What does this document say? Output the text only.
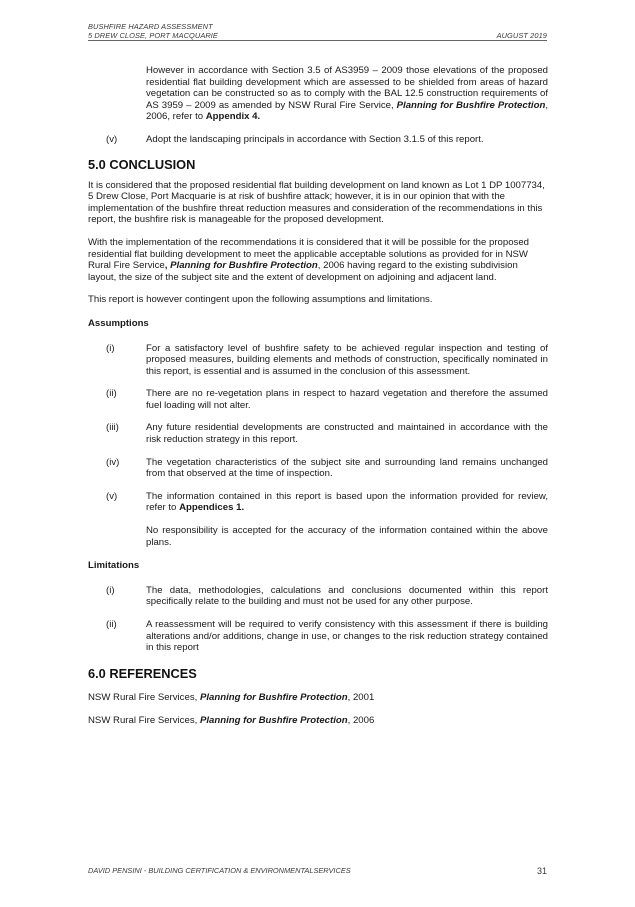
BUSHFIRE HAZARD ASSESSMENT
5 DREW CLOSE, PORT MACQUARIE	AUGUST 2019

However in accordance with Section 3.5 of AS3959 – 2009 those elevations of the proposed residential flat building development which are assessed to be shielded from areas of hazard vegetation can be constructed so as to comply with the BAL 12.5 construction requirements of AS 3959 – 2009 as amended by NSW Rural Fire Service, Planning for Bushfire Protection, 2006, refer to Appendix 4.

(v)	Adopt the landscaping principals in accordance with Section 3.1.5 of this report.
5.0 CONCLUSION

It is considered that the proposed residential flat building development on land known as Lot 1 DP 1007734, 5 Drew Close, Port Macquarie is at risk of bushfire attack; however, it is in our opinion that with the implementation of the bushfire threat reduction measures and consideration of the recommendations in this report, the bushfire risk is manageable for the proposed development.

With the implementation of the recommendations it is considered that it will be possible for the proposed residential flat building development to meet the applicable acceptable solutions as provided for in NSW Rural Fire Service, Planning for Bushfire Protection, 2006 having regard to the existing subdivision layout, the size of the subject site and the extent of development on adjoining and adjacent land.

This report is however contingent upon the following assumptions and limitations.

Assumptions
(i)	For a satisfactory level of bushfire safety to be achieved regular inspection and testing of proposed measures, building elements and methods of construction, specifically nominated in this report, is essential and is assumed in the conclusion of this assessment.
(ii)	There are no re-vegetation plans in respect to hazard vegetation and therefore the assumed fuel loading will not alter.
(iii)	Any future residential developments are constructed and maintained in accordance with the risk reduction strategy in this report.
(iv)	The vegetation characteristics of the subject site and surrounding land remains unchanged from that observed at the time of inspection.
(v)	The information contained in this report is based upon the information provided for review, refer to Appendices 1.

No responsibility is accepted for the accuracy of the information contained within the above plans.

Limitations
(i)	The data, methodologies, calculations and conclusions documented within this report specifically relate to the building and must not be used for any other purpose.
(ii)	A reassessment will be required to verify consistency with this assessment if there is building alterations and/or additions, change in use, or changes to the risk reduction strategy contained in this report
6.0 REFERENCES

NSW Rural Fire Services, Planning for Bushfire Protection, 2001

NSW Rural Fire Services, Planning for Bushfire Protection, 2006

DAVID PENSINI - BUILDING CERTIFICATION & ENVIRONMENTALSERVICES	31
